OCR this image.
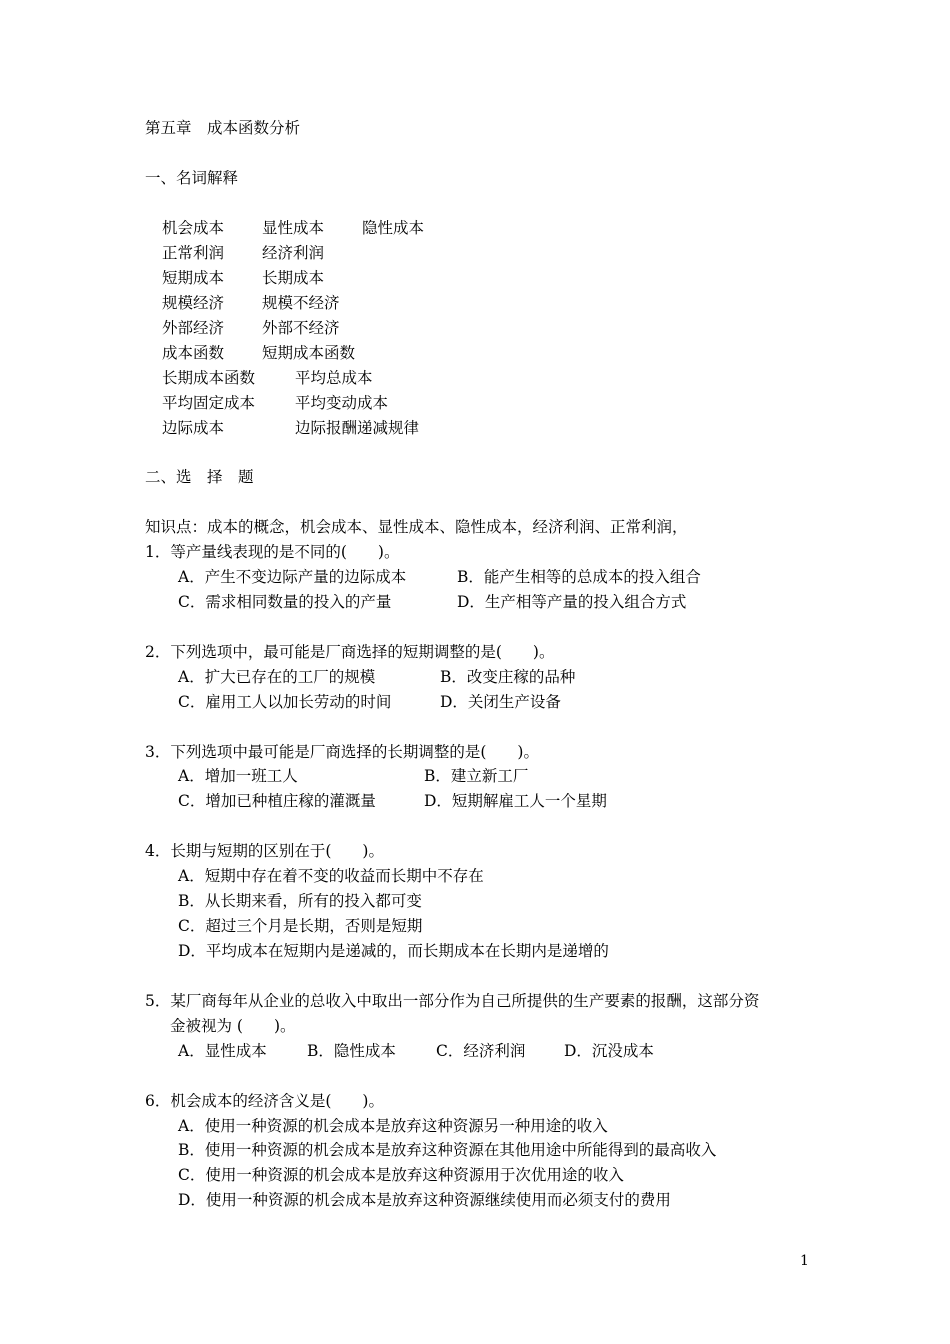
第五章　成本函数分析
一、名词解释
机会成本 显性成本 隐性成本
正常利润 经济利润
短期成本 长期成本
规模经济 规模不经济
外部经济 外部不经济
成本函数 短期成本函数
长期成本函数	平均总成本
平均固定成本	平均变动成本
边际成本	边际报酬递减规律
二、选　择　题
知识点：成本的概念，机会成本、显性成本、隐性成本，经济利润、正常利润，
1．等产量线表现的是不同的(　　)。
A．产生不变边际产量的边际成本	B．能产生相等的总成本的投入组合
C．需求相同数量的投入的产量	D．生产相等产量的投入组合方式
2．下列选项中，最可能是厂商选择的短期调整的是(　　)。
A．扩大已存在的工厂的规模	B．改变庄稼的品种
C．雇用工人以加长劳动的时间	D．关闭生产设备
3．下列选项中最可能是厂商选择的长期调整的是(　　)。
A．增加一班工人	B．建立新工厂
C．增加已种植庄稼的灌溉量	D．短期解雇工人一个星期
4．长期与短期的区别在于(　　)。
A．短期中存在着不变的收益而长期中不存在
B．从长期来看，所有的投入都可变
C．超过三个月是长期，否则是短期
D．平均成本在短期内是递减的，而长期成本在长期内是递增的
5．某厂商每年从企业的总收入中取出一部分作为自己所提供的生产要素的报酬，这部分资
金被视为 (　　)。
A．显性成本	B．隐性成本	C．经济利润 D．沉没成本
6．机会成本的经济含义是(　　)。
A．使用一种资源的机会成本是放弃这种资源另一种用途的收入
B．使用一种资源的机会成本是放弃这种资源在其他用途中所能得到的最高收入
C．使用一种资源的机会成本是放弃这种资源用于次优用途的收入
D．使用一种资源的机会成本是放弃这种资源继续使用而必须支付的费用
1
